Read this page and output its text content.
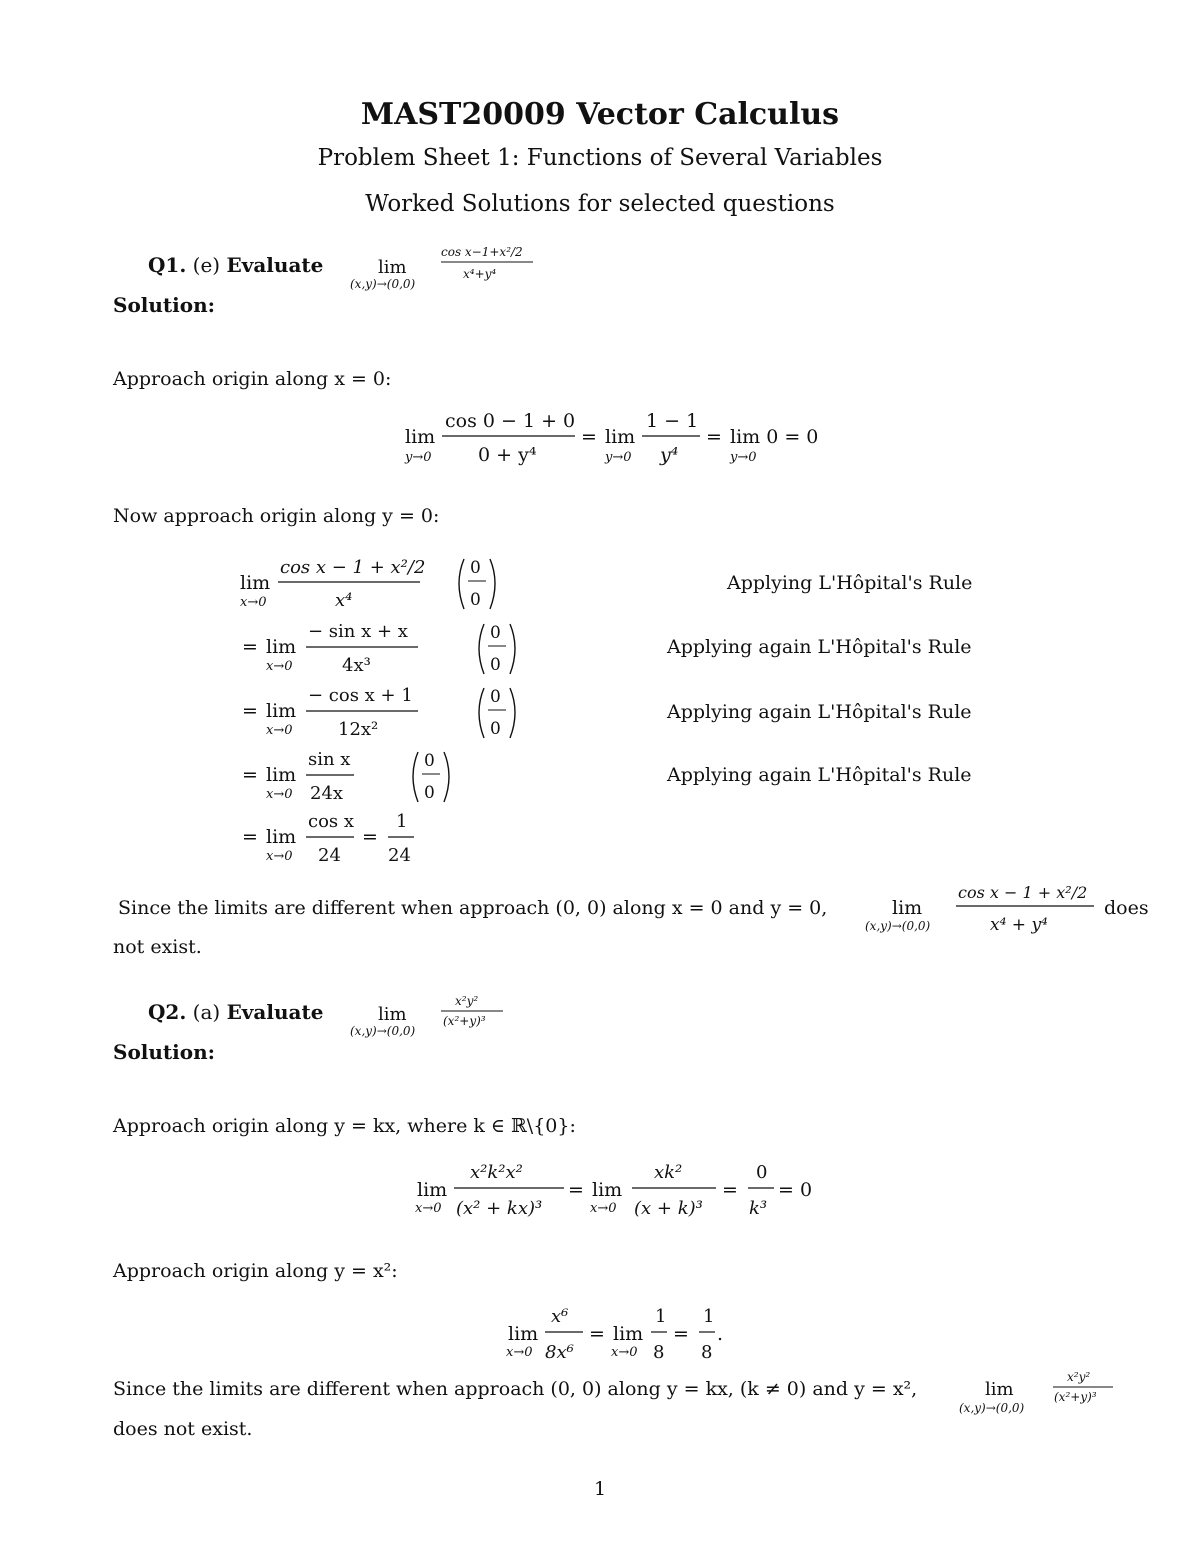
MAST20009 Vector Calculus
Problem Sheet 1: Functions of Several Variables
Worked Solutions for selected questions
Q1. (e) Evaluate	lim
(x,y)→(0,0)
cos x−1+x²/2
x⁴+y⁴
Solution:
Approach origin along x = 0:
lim
y→0
cos 0 − 1 + 0
0 + y⁴
= lim
y→0
1 − 1
y⁴
= lim 0 = 0
y→0
Now approach origin along y = 0:
lim
x→0
cos x − 1 + x²/2
x⁴
0
0
= lim
x→0
− sin x + x
4x³
0
0
= lim
x→0
− cos x + 1
12x²
0
0
= lim
x→0
sin x
24x
0
0
= lim
x→0
cos x
24
=
1
24
Applying L'Hôpital's Rule
Applying again L'Hôpital's Rule
Applying again L'Hôpital's Rule
Applying again L'Hôpital's Rule
Since the limits are different when approach (0, 0) along x = 0 and y = 0,	lim
(x,y)→(0,0)
cos x − 1 + x²/2
x⁴ + y⁴
does
not exist.
Q2. (a) Evaluate	lim
(x,y)→(0,0)
x²y²
(x²+y)³
Solution:
Approach origin along y = kx, where k ∈ ℝ\{0}:
lim
x→0
x²k²x²
(x² + kx)³
= lim
x→0
xk²
(x + k)³
=
0
k³
= 0
Approach origin along y = x²:
lim
x→0
x⁶
8x⁶
= lim
x→0
1
8
=
1
8
.
Since the limits are different when approach (0, 0) along y = kx, (k ≠ 0) and y = x²,	lim
(x,y)→(0,0)
x²y²
(x²+y)³
does not exist.
1
